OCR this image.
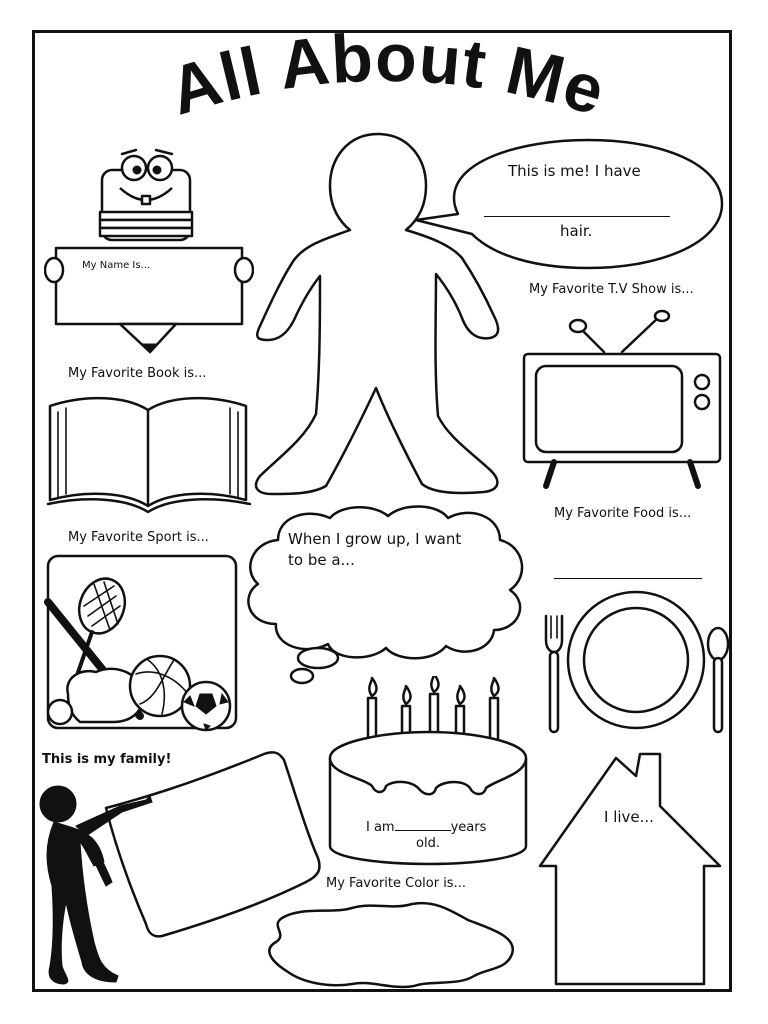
All About Me
My Name Is...
This is me! I have
hair.
My Favorite T.V Show is...
My Favorite Book is...
When I grow up, I want
to be a...
My Favorite Food is...
My Favorite Sport is...
This is my family!
I am	years
old.
I live...
My Favorite Color is...
